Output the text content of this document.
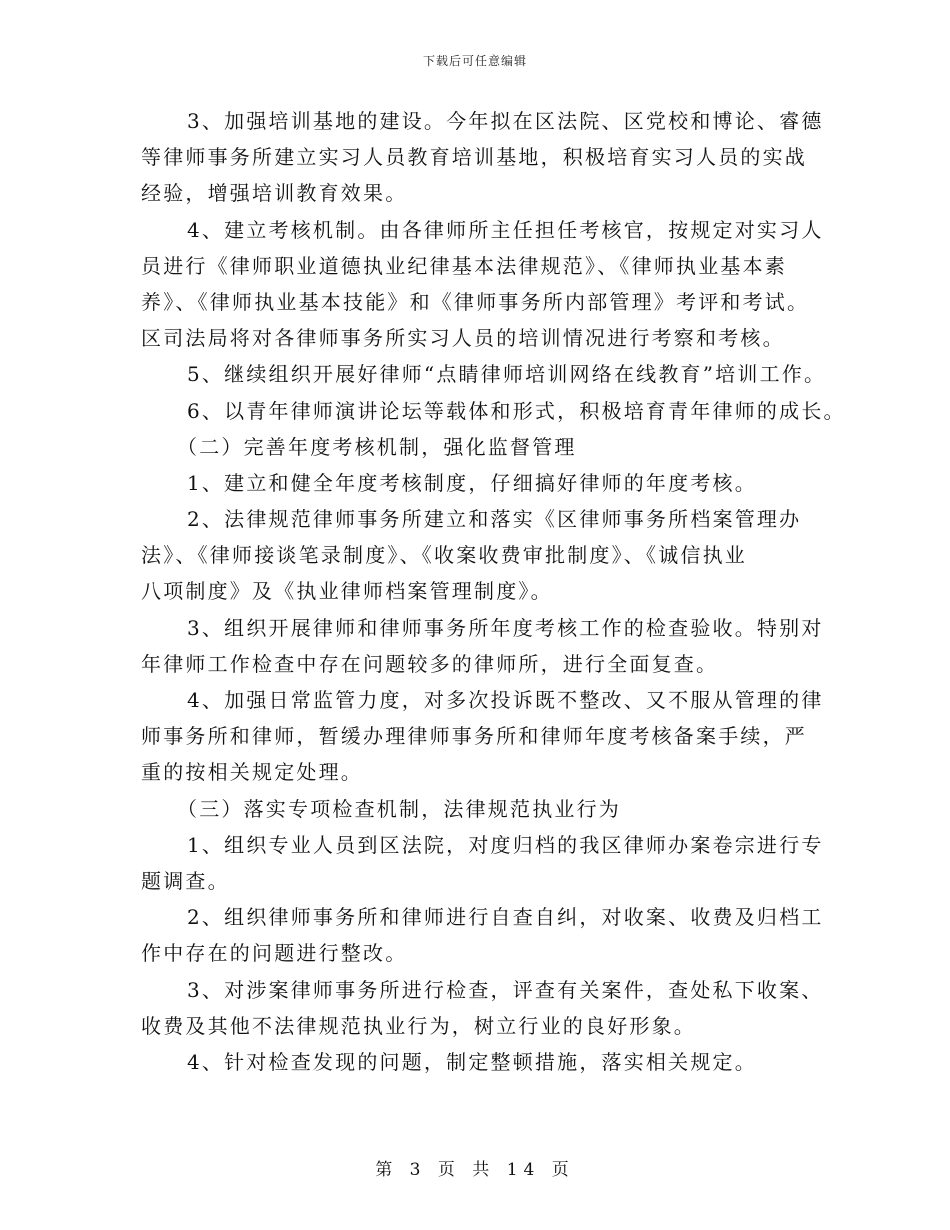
下载后可任意编辑
3、加强培训基地的建设。今年拟在区法院、区党校和博论、睿德
等律师事务所建立实习人员教育培训基地，积极培育实习人员的实战
经验，增强培训教育效果。
4、建立考核机制。由各律师所主任担任考核官，按规定对实习人
员进行《律师职业道德执业纪律基本法律规范》、《律师执业基本素
养》、《律师执业基本技能》和《律师事务所内部管理》考评和考试。
区司法局将对各律师事务所实习人员的培训情况进行考察和考核。
5、继续组织开展好律师“点睛律师培训网络在线教育”培训工作。
6、以青年律师演讲论坛等载体和形式，积极培育青年律师的成长。
（二）完善年度考核机制，强化监督管理
1、建立和健全年度考核制度，仔细搞好律师的年度考核。
2、法律规范律师事务所建立和落实《区律师事务所档案管理办
法》、《律师接谈笔录制度》、《收案收费审批制度》、《诚信执业
八项制度》及《执业律师档案管理制度》。
3、组织开展律师和律师事务所年度考核工作的检查验收。特别对
年律师工作检查中存在问题较多的律师所，进行全面复查。
4、加强日常监管力度，对多次投诉既不整改、又不服从管理的律
师事务所和律师，暂缓办理律师事务所和律师年度考核备案手续，严
重的按相关规定处理。
（三）落实专项检查机制，法律规范执业行为
1、组织专业人员到区法院，对度归档的我区律师办案卷宗进行专
题调查。
2、组织律师事务所和律师进行自查自纠，对收案、收费及归档工
作中存在的问题进行整改。
3、对涉案律师事务所进行检查，评查有关案件，查处私下收案、
收费及其他不法律规范执业行为，树立行业的良好形象。
4、针对检查发现的问题，制定整顿措施，落实相关规定。
第 3 页 共 14 页
